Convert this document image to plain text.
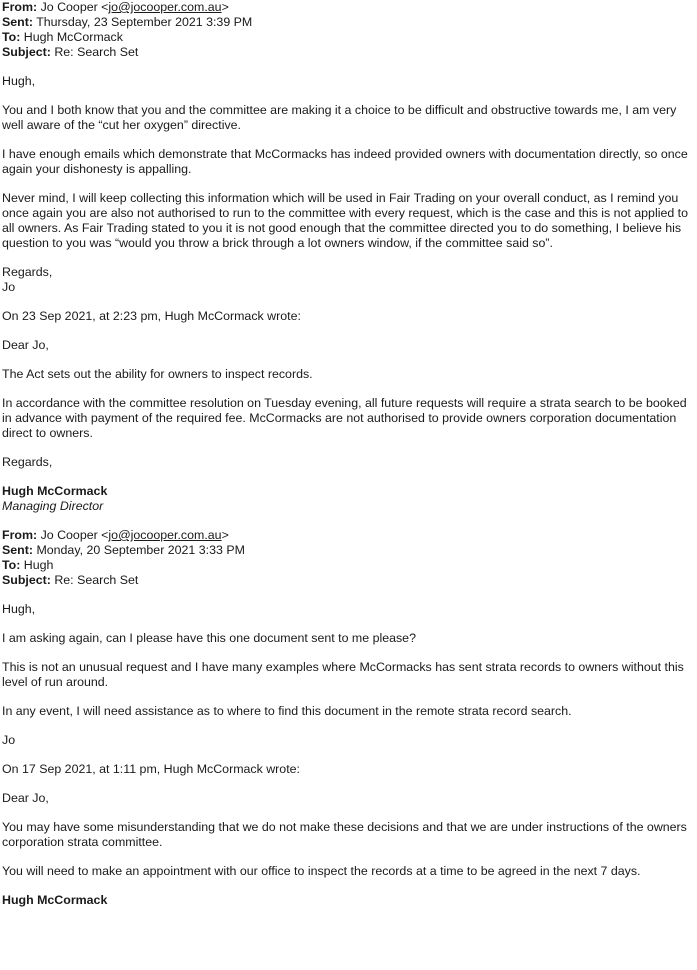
From: Jo Cooper <jo@jocooper.com.au>
Sent: Thursday, 23 September 2021 3:39 PM
To: Hugh McCormack
Subject: Re: Search Set

Hugh,

You and I both know that you and the committee are making it a choice to be difficult and obstructive towards me, I am very well aware of the “cut her oxygen” directive.

I have enough emails which demonstrate that McCormacks has indeed provided owners with documentation directly, so once again your dishonesty is appalling.

Never mind, I will keep collecting this information which will be used in Fair Trading on your overall conduct, as I remind you once again you are also not authorised to run to the committee with every request, which is the case and this is not applied to all owners. As Fair Trading stated to you it is not good enough that the committee directed you to do something, I believe his question to you was “would you throw a brick through a lot owners window, if the committee said so”.

Regards,

Jo

On 23 Sep 2021, at 2:23 pm, Hugh McCormack wrote:

Dear Jo,

The Act sets out the ability for owners to inspect records.

In accordance with the committee resolution on Tuesday evening, all future requests will require a strata search to be booked in advance with payment of the required fee. McCormacks are not authorised to provide owners corporation documentation direct to owners.

Regards,

Hugh McCormack

Managing Director

From: Jo Cooper <jo@jocooper.com.au>
Sent: Monday, 20 September 2021 3:33 PM
To: Hugh
Subject: Re: Search Set

Hugh,

I am asking again, can I please have this one document sent to me please?

This is not an unusual request and I have many examples where McCormacks has sent strata records to owners without this level of run around.

In any event, I will need assistance as to where to find this document in the remote strata record search.

Jo

On 17 Sep 2021, at 1:11 pm, Hugh McCormack wrote:

Dear Jo,

You may have some misunderstanding that we do not make these decisions and that we are under instructions of the owners corporation strata committee.

You will need to make an appointment with our office to inspect the records at a time to be agreed in the next 7 days.

Hugh McCormack
